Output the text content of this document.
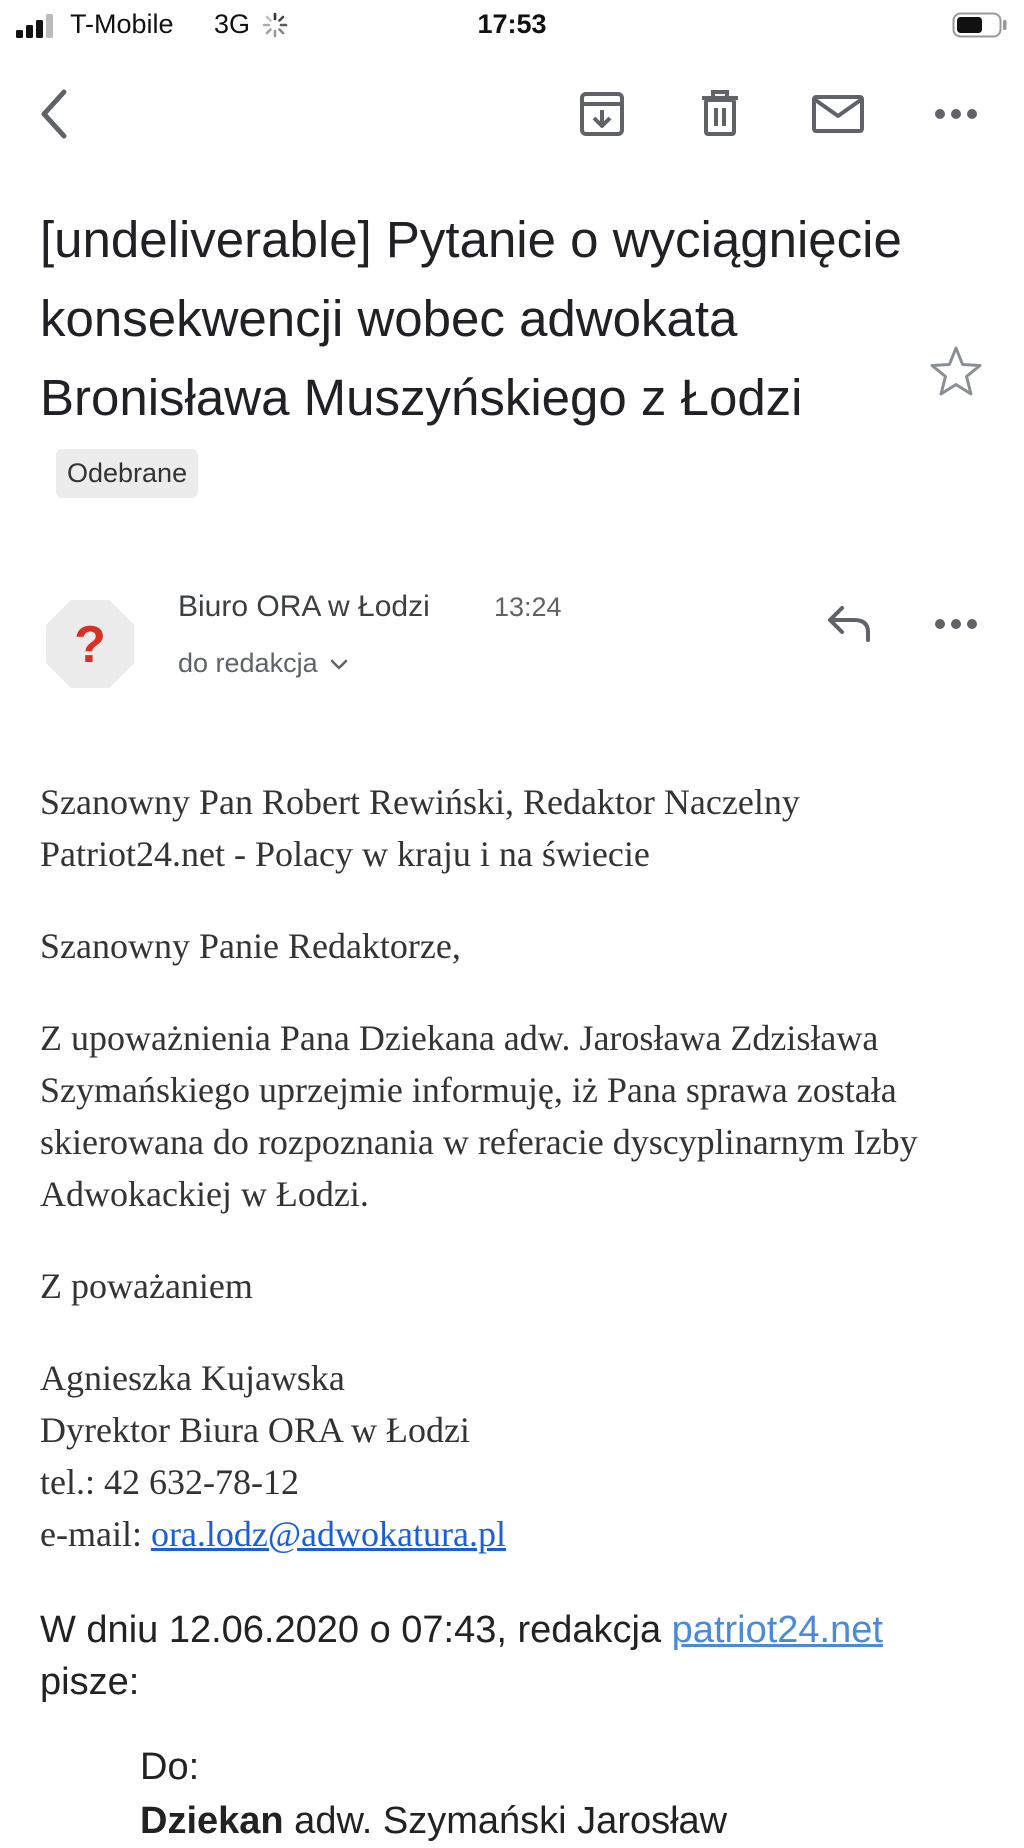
T-Mobile 3G	17:53
[undeliverable] Pytanie o wyciągnięcie konsekwencji wobec adwokata Bronisława Muszyńskiego z ŁodziOdebrane
?
Biuro ORA w Łodzi 13:24
do redakcja

Szanowny Pan Robert Rewiński, Redaktor Naczelny
Patriot24.net - Polacy w kraju i na świecie

Szanowny Panie Redaktorze,

Z upoważnienia Pana Dziekana adw. Jarosława Zdzisława Szymańskiego uprzejmie informuję, iż Pana sprawa została skierowana do rozpoznania w referacie dyscyplinarnym Izby Adwokackiej w Łodzi.

Z poważaniem

Agnieszka Kujawska
Dyrektor Biura ORA w Łodzi
tel.: 42 632-78-12
e-mail: ora.lodz@adwokatura.pl

W dniu 12.06.2020 o 07:43, redakcja patriot24.net
pisze:
Do:
Dziekan adw. Szymański Jarosław
